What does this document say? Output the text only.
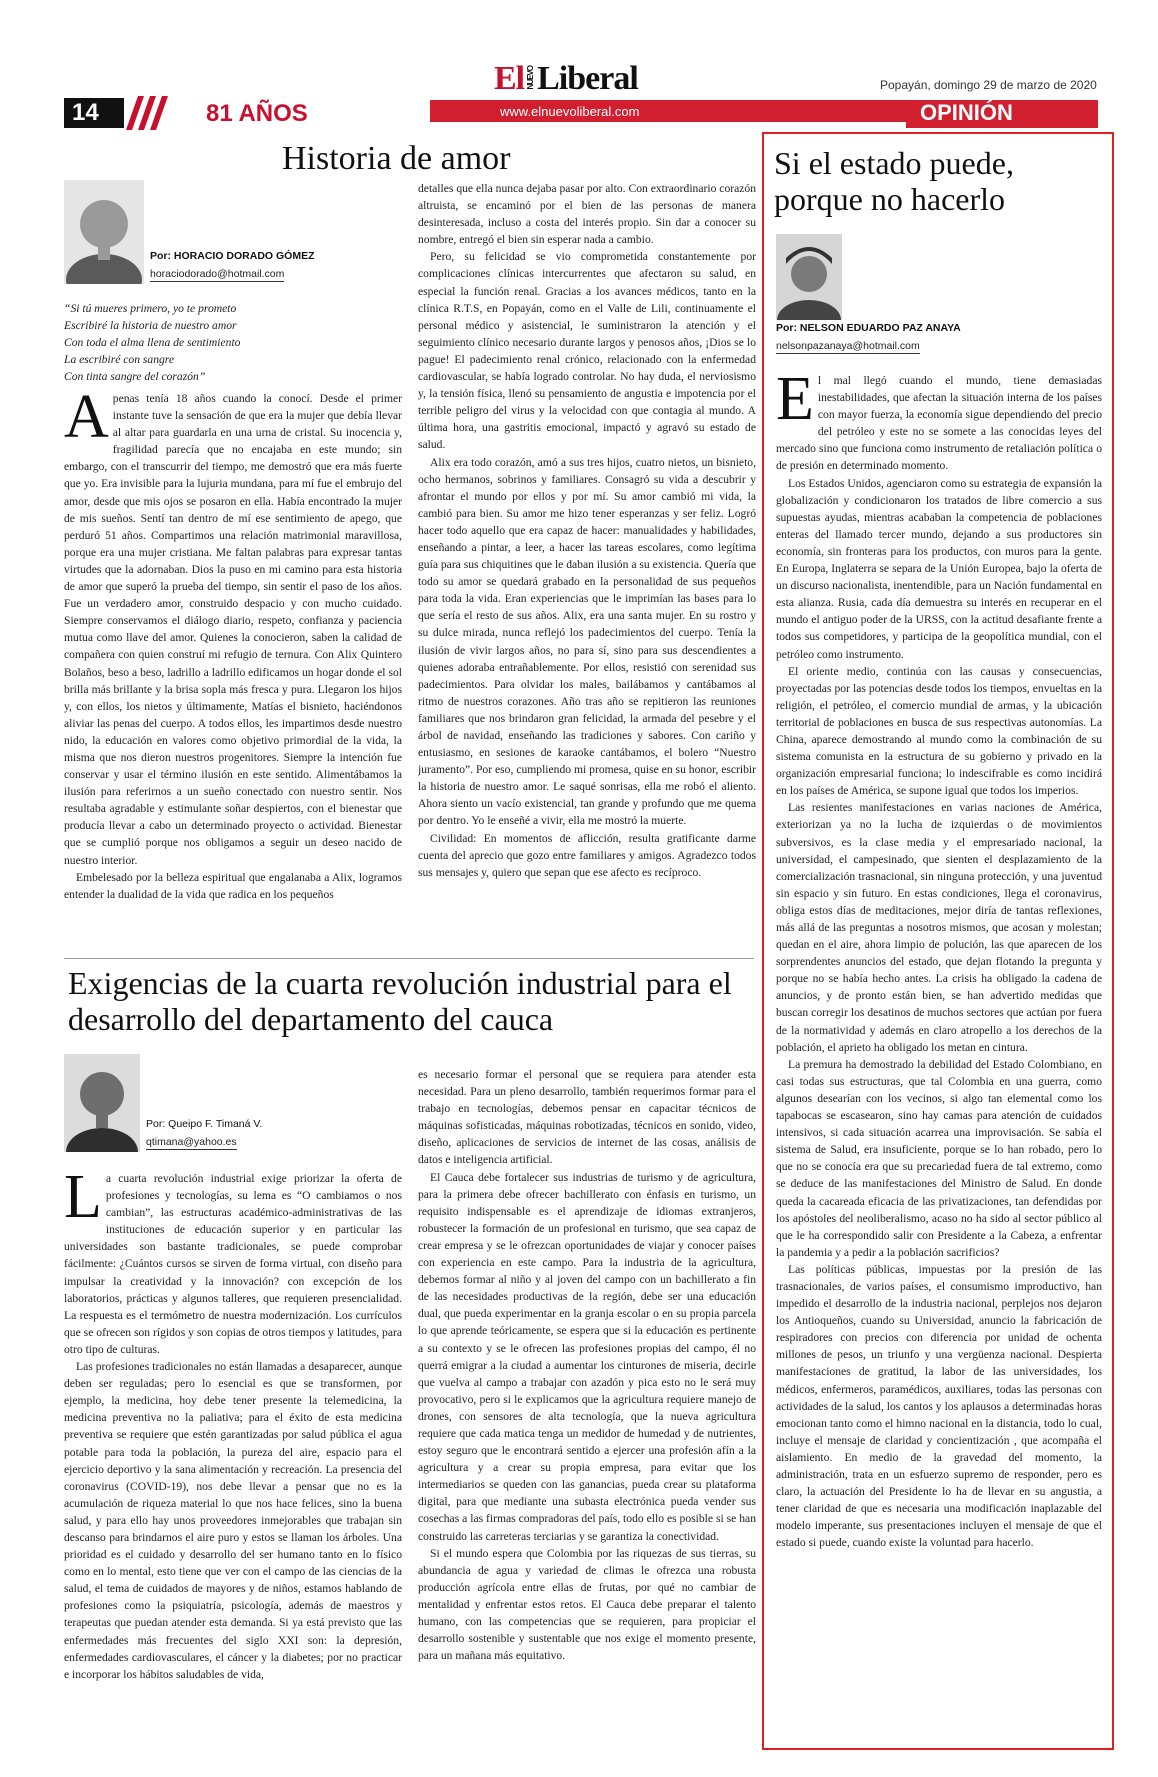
14	81 AÑOS
El NUEVOLiberal
www.elnuevoliberal.com
Popayán, domingo 29 de marzo de 2020
OPINIÓN
Historia de amor
Por: HORACIO DORADO GÓMEZ
horaciodorado@hotmail.com
“Si tú mueres primero, yo te prometo
Escribiré la historia de nuestro amor
Con toda el alma llena de sentimiento
La escribiré con sangre
Con tinta sangre del corazón”

Apenas tenía 18 años cuando la conocí. Desde el primer instante tuve la sensación de que era la mujer que debía llevar al altar para guardarla en una urna de cristal. Su inocencia y, fragilidad parecía que no encajaba en este mundo; sin embargo, con el transcurrir del tiempo, me demostró que era más fuerte que yo. Era invisible para la lujuria mundana, para mí fue el embrujo del amor, desde que mis ojos se posaron en ella. Había encontrado la mujer de mis sueños. Sentí tan dentro de mí ese sentimiento de apego, que perduró 51 años. Compartimos una relación matrimonial maravillosa, porque era una mujer cristiana. Me faltan palabras para expresar tantas virtudes que la adornaban. Dios la puso en mi camino para esta historia de amor que superó la prueba del tiempo, sin sentir el paso de los años. Fue un verdadero amor, construido despacio y con mucho cuidado. Siempre conservamos el diálogo diario, respeto, confianza y paciencia mutua como llave del amor. Quienes la conocieron, saben la calidad de compañera con quien construí mi refugio de ternura. Con Alix Quintero Bolaños, beso a beso, ladrillo a ladrillo edificamos un hogar donde el sol brilla más brillante y la brisa sopla más fresca y pura. Llegaron los hijos y, con ellos, los nietos y últimamente, Matías el bisnieto, haciéndonos aliviar las penas del cuerpo. A todos ellos, les impartimos desde nuestro nido, la educación en valores como objetivo primordial de la vida, la misma que nos dieron nuestros progenitores. Siempre la intención fue conservar y usar el término ilusión en este sentido. Alimentábamos la ilusión para referirnos a un sueño conectado con nuestro sentir. Nos resultaba agradable y estimulante soñar despiertos, con el bienestar que producía llevar a cabo un determinado proyecto o actividad. Bienestar que se cumplió porque nos obligamos a seguir un deseo nacido de nuestro interior.

Embelesado por la belleza espiritual que engalanaba a Alix, logramos entender la dualidad de la vida que radica en los pequeños

detalles que ella nunca dejaba pasar por alto. Con extraordinario corazón altruista, se encaminó por el bien de las personas de manera desinteresada, incluso a costa del interés propio. Sin dar a conocer su nombre, entregó el bien sin esperar nada a cambio.

Pero, su felicidad se vio comprometida constantemente por complicaciones clínicas intercurrentes que afectaron su salud, en especial la función renal. Gracias a los avances médicos, tanto en la clínica R.T.S, en Popayán, como en el Valle de Lili, continuamente el personal médico y asistencial, le suministraron la atención y el seguimiento clínico necesario durante largos y penosos años, ¡Dios se lo pague! El padecimiento renal crónico, relacionado con la enfermedad cardiovascular, se había logrado controlar. No hay duda, el nerviosismo y, la tensión física, llenó su pensamiento de angustia e impotencia por el terrible peligro del virus y la velocidad con que contagia al mundo. A última hora, una gastritis emocional, impactó y agravó su estado de salud.

Alix era todo corazón, amó a sus tres hijos, cuatro nietos, un bisnieto, ocho hermanos, sobrinos y familiares. Consagró su vida a descubrir y afrontar el mundo por ellos y por mí. Su amor cambió mi vida, la cambió para bien. Su amor me hizo tener esperanzas y ser feliz. Logró hacer todo aquello que era capaz de hacer: manualidades y habilidades, enseñando a pintar, a leer, a hacer las tareas escolares, como legítima guía para sus chiquitines que le daban ilusión a su existencia. Quería que todo su amor se quedará grabado en la personalidad de sus pequeños para toda la vida. Eran experiencias que le imprimían las bases para lo que sería el resto de sus años. Alix, era una santa mujer. En su rostro y su dulce mirada, nunca reflejó los padecimientos del cuerpo. Tenía la ilusión de vivir largos años, no para sí, sino para sus descendientes a quienes adoraba entrañablemente. Por ellos, resistió con serenidad sus padecimientos. Para olvidar los males, bailábamos y cantábamos al ritmo de nuestros corazones. Año tras año se repitieron las reuniones familiares que nos brindaron gran felicidad, la armada del pesebre y el árbol de navidad, enseñando las tradiciones y sabores. Con cariño y entusiasmo, en sesiones de karaoke cantábamos, el bolero “Nuestro juramento”. Por eso, cumpliendo mi promesa, quise en su honor, escribir la historia de nuestro amor. Le saqué sonrisas, ella me robó el aliento. Ahora siento un vacío existencial, tan grande y profundo que me quema por dentro. Yo le enseñé a vivir, ella me mostró la muerte.

Civilidad: En momentos de aflicción, resulta gratificante darme cuenta del aprecio que gozo entre familiares y amigos. Agradezco todos sus mensajes y, quiero que sepan que ese afecto es recíproco.

Exigencias de la cuarta revolución industrial para el desarrollo del departamento del cauca
Por: Queipo F. Timaná V.
qtimana@yahoo.es

La cuarta revolución industrial exige priorizar la oferta de profesiones y tecnologías, su lema es “O cambiamos o nos cambian”, las estructuras académico-administrativas de las instituciones de educación superior y en particular las universidades son bastante tradicionales, se puede comprobar fácilmente: ¿Cuántos cursos se sirven de forma virtual, con diseño para impulsar la creatividad y la innovación? con excepción de los laboratorios, prácticas y algunos talleres, que requieren presencialidad. La respuesta es el termómetro de nuestra modernización. Los currículos que se ofrecen son rígidos y son copias de otros tiempos y latitudes, para otro tipo de culturas.

Las profesiones tradicionales no están llamadas a desaparecer, aunque deben ser reguladas; pero lo esencial es que se transformen, por ejemplo, la medicina, hoy debe tener presente la telemedicina, la medicina preventiva no la paliativa; para el éxito de esta medicina preventiva se requiere que estén garantizadas por salud pública el agua potable para toda la población, la pureza del aire, espacio para el ejercicio deportivo y la sana alimentación y recreación. La presencia del coronavirus (COVID-19), nos debe llevar a pensar que no es la acumulación de riqueza material lo que nos hace felices, sino la buena salud, y para ello hay unos proveedores inmejorables que trabajan sin descanso para brindarnos el aire puro y estos se llaman los árboles. Una prioridad es el cuidado y desarrollo del ser humano tanto en lo físico como en lo mental, esto tiene que ver con el campo de las ciencias de la salud, el tema de cuidados de mayores y de niños, estamos hablando de profesiones como la psiquiatría, psicología, además de maestros y terapeutas que puedan atender esta demanda. Si ya está previsto que las enfermedades más frecuentes del siglo XXI son: la depresión, enfermedades cardiovasculares, el cáncer y la diabetes; por no practicar e incorporar los hábitos saludables de vida,

es necesario formar el personal que se requiera para atender esta necesidad. Para un pleno desarrollo, también requerimos formar para el trabajo en tecnologías, debemos pensar en capacitar técnicos de máquinas sofisticadas, máquinas robotizadas, técnicos en sonido, video, diseño, aplicaciones de servicios de internet de las cosas, análisis de datos e inteligencia artificial.

El Cauca debe fortalecer sus industrias de turismo y de agricultura, para la primera debe ofrecer bachillerato con énfasis en turismo, un requisito indispensable es el aprendizaje de idiomas extranjeros, robustecer la formación de un profesional en turismo, que sea capaz de crear empresa y se le ofrezcan oportunidades de viajar y conocer países con experiencia en este campo. Para la industria de la agricultura, debemos formar al niño y al joven del campo con un bachillerato a fin de las necesidades productivas de la región, debe ser una educación dual, que pueda experimentar en la granja escolar o en su propia parcela lo que aprende teóricamente, se espera que si la educación es pertinente a su contexto y se le ofrecen las profesiones propias del campo, él no querrá emigrar a la ciudad a aumentar los cinturones de miseria, decirle que vuelva al campo a trabajar con azadón y pica esto no le será muy provocativo, pero si le explicamos que la agricultura requiere manejo de drones, con sensores de alta tecnología, que la nueva agricultura requiere que cada matica tenga un medidor de humedad y de nutrientes, estoy seguro que le encontrará sentido a ejercer una profesión afín a la agricultura y a crear su propia empresa, para evitar que los intermediarios se queden con las ganancias, pueda crear su plataforma digital, para que mediante una subasta electrónica pueda vender sus cosechas a las firmas compradoras del país, todo ello es posible si se han construido las carreteras terciarias y se garantiza la conectividad.

Si el mundo espera que Colombia por las riquezas de sus tierras, su abundancia de agua y variedad de climas le ofrezca una robusta producción agrícola entre ellas de frutas, por qué no cambiar de mentalidad y enfrentar estos retos. El Cauca debe preparar el talento humano, con las competencias que se requieren, para propiciar el desarrollo sostenible y sustentable que nos exige el momento presente, para un mañana más equitativo.

Si el estado puede, porque no hacerlo
Por: NELSON EDUARDO PAZ ANAYA
nelsonpazanaya@hotmail.com

El mal llegó cuando el mundo, tiene demasiadas inestabilidades, que afectan la situación interna de los países con mayor fuerza, la economía sigue dependiendo del precio del petróleo y este no se somete a las conocidas leyes del mercado sino que funciona como instrumento de retaliación política o de presión en determinado momento.

Los Estados Unidos, agenciaron como su estrategia de expansión la globalización y condicionaron los tratados de libre comercio a sus supuestas ayudas, mientras acababan la competencia de poblaciones enteras del llamado tercer mundo, dejando a sus productores sin economía, sin fronteras para los productos, con muros para la gente. En Europa, Inglaterra se separa de la Unión Europea, bajo la oferta de un discurso nacionalista, inentendible, para un Nación fundamental en esta alianza. Rusia, cada día demuestra su interés en recuperar en el mundo el antiguo poder de la URSS, con la actitud desafiante frente a todos sus competidores, y participa de la geopolítica mundial, con el petróleo como instrumento.

El oriente medio, continúa con las causas y consecuencias, proyectadas por las potencias desde todos los tiempos, envueltas en la religión, el petróleo, el comercio mundial de armas, y la ubicación territorial de poblaciones en busca de sus respectivas autonomías. La China, aparece demostrando al mundo como la combinación de su sistema comunista en la estructura de su gobierno y privado en la organización empresarial funciona; lo indescifrable es como incidirá en los países de América, se supone igual que todos los imperios.

Las resientes manifestaciones en varias naciones de América, exteriorizan ya no la lucha de izquierdas o de movimientos subversivos, es la clase media y el empresariado nacional, la universidad, el campesinado, que sienten el desplazamiento de la comercialización trasnacional, sin ninguna protección, y una juventud sin espacio y sin futuro. En estas condiciones, llega el coronavirus, obliga estos días de meditaciones, mejor diría de tantas reflexiones, más allá de las preguntas a nosotros mismos, que acosan y molestan; quedan en el aire, ahora limpio de polución, las que aparecen de los sorprendentes anuncios del estado, que dejan flotando la pregunta y porque no se había hecho antes. La crisis ha obligado la cadena de anuncios, y de pronto están bien, se han advertido medidas que buscan corregir los desatinos de muchos sectores que actúan por fuera de la normatividad y además en claro atropello a los derechos de la población, el aprieto ha obligado los metan en cintura.

La premura ha demostrado la debilidad del Estado Colombiano, en casi todas sus estructuras, que tal Colombia en una guerra, como algunos desearían con los vecinos, si algo tan elemental como los tapabocas se escasearon, sino hay camas para atención de cuidados intensivos, si cada situación acarrea una improvisación. Se sabía el sistema de Salud, era insuficiente, porque se lo han robado, pero lo que no se conocía era que su precariedad fuera de tal extremo, como se deduce de las manifestaciones del Ministro de Salud. En donde queda la cacareada eficacia de las privatizaciones, tan defendidas por los apóstoles del neoliberalismo, acaso no ha sido al sector público al que le ha correspondido salir con Presidente a la Cabeza, a enfrentar la pandemia y a pedir a la población sacrificios?

Las políticas públicas, impuestas por la presión de las trasnacionales, de varios países, el consumismo improductivo, han impedido el desarrollo de la industria nacional, perplejos nos dejaron los Antioqueños, cuando su Universidad, anuncio la fabricación de respiradores con precios con diferencia por unidad de ochenta millones de pesos, un triunfo y una vergüenza nacional. Despierta manifestaciones de gratitud, la labor de las universidades, los médicos, enfermeros, paramédicos, auxiliares, todas las personas con actividades de la salud, los cantos y los aplausos a determinadas horas emocionan tanto como el himno nacional en la distancia, todo lo cual, incluye el mensaje de claridad y concientización , que acompaña el aislamiento. En medio de la gravedad del momento, la administración, trata en un esfuerzo supremo de responder, pero es claro, la actuación del Presidente lo ha de llevar en su angustia, a tener claridad de que es necesaria una modificación inaplazable del modelo imperante, sus presentaciones incluyen el mensaje de que el estado si puede, cuando existe la voluntad para hacerlo.
